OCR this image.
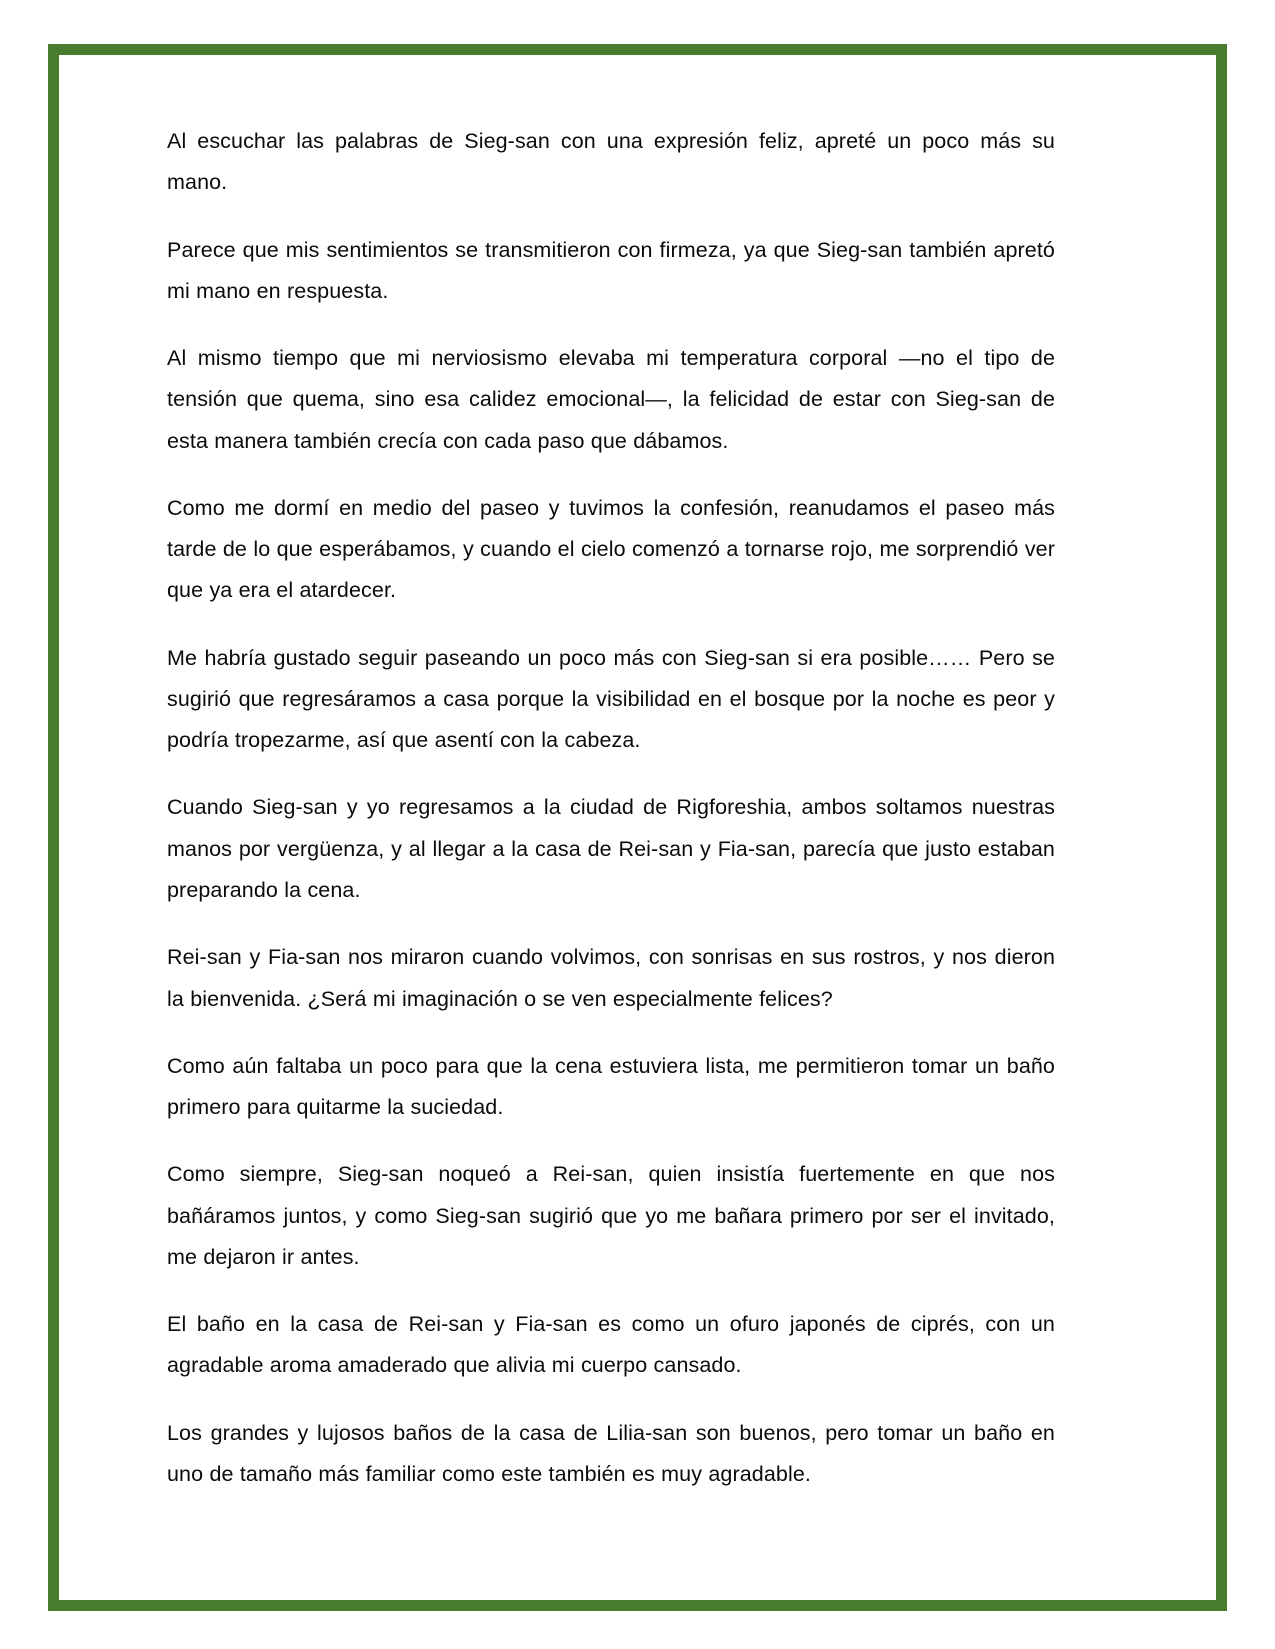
Al escuchar las palabras de Sieg-san con una expresión feliz, apreté un poco más su mano.

Parece que mis sentimientos se transmitieron con firmeza, ya que Sieg-san también apretó mi mano en respuesta.

Al mismo tiempo que mi nerviosismo elevaba mi temperatura corporal —no el tipo de tensión que quema, sino esa calidez emocional—, la felicidad de estar con Sieg-san de esta manera también crecía con cada paso que dábamos.

Como me dormí en medio del paseo y tuvimos la confesión, reanudamos el paseo más tarde de lo que esperábamos, y cuando el cielo comenzó a tornarse rojo, me sorprendió ver que ya era el atardecer.

Me habría gustado seguir paseando un poco más con Sieg-san si era posible…… Pero se sugirió que regresáramos a casa porque la visibilidad en el bosque por la noche es peor y podría tropezarme, así que asentí con la cabeza.

Cuando Sieg-san y yo regresamos a la ciudad de Rigforeshia, ambos soltamos nuestras manos por vergüenza, y al llegar a la casa de Rei-san y Fia-san, parecía que justo estaban preparando la cena.

Rei-san y Fia-san nos miraron cuando volvimos, con sonrisas en sus rostros, y nos dieron la bienvenida. ¿Será mi imaginación o se ven especialmente felices?

Como aún faltaba un poco para que la cena estuviera lista, me permitieron tomar un baño primero para quitarme la suciedad.

Como siempre, Sieg-san noqueó a Rei-san, quien insistía fuertemente en que nos bañáramos juntos, y como Sieg-san sugirió que yo me bañara primero por ser el invitado, me dejaron ir antes.

El baño en la casa de Rei-san y Fia-san es como un ofuro japonés de ciprés, con un agradable aroma amaderado que alivia mi cuerpo cansado.

Los grandes y lujosos baños de la casa de Lilia-san son buenos, pero tomar un baño en uno de tamaño más familiar como este también es muy agradable.
